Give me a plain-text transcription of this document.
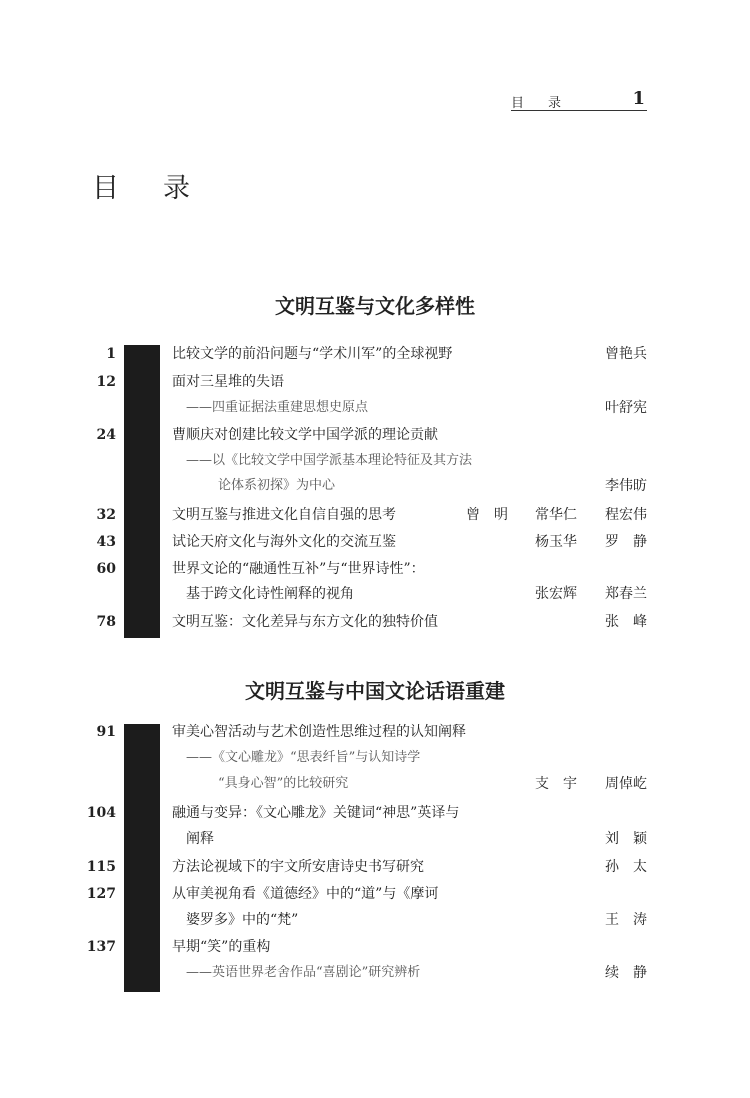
目录	1
目录
文明互鉴与文化多样性
1	比较文学的前沿问题与“学术川军”的全球视野	曾艳兵
12	面对三星堆的失语
——四重证据法重建思想史原点	叶舒宪
24	曹顺庆对创建比较文学中国学派的理论贡献
——以《比较文学中国学派基本理论特征及其方法
论体系初探》为中心	李伟昉
32	文明互鉴与推进文化自信自强的思考	曾　明 常华仁 程宏伟
43	试论天府文化与海外文化的交流互鉴	杨玉华 罗　静
60	世界文论的“融通性互补”与“世界诗性”：
基于跨文化诗性阐释的视角	张宏辉 郑春兰
78	文明互鉴：文化差异与东方文化的独特价值	张　峰
文明互鉴与中国文论话语重建
91	审美心智活动与艺术创造性思维过程的认知阐释
——《文心雕龙》“思表纤旨”与认知诗学
“具身心智”的比较研究	支　宇 周倬屹
104	融通与变异：《文心雕龙》关键词“神思”英译与
阐释	刘　颖
115	方法论视域下的宇文所安唐诗史书写研究	孙　太
127	从审美视角看《道德经》中的“道”与《摩诃
婆罗多》中的“梵”	王　涛
137	早期“笑”的重构
——英语世界老舍作品“喜剧论”研究辨析	续　静
